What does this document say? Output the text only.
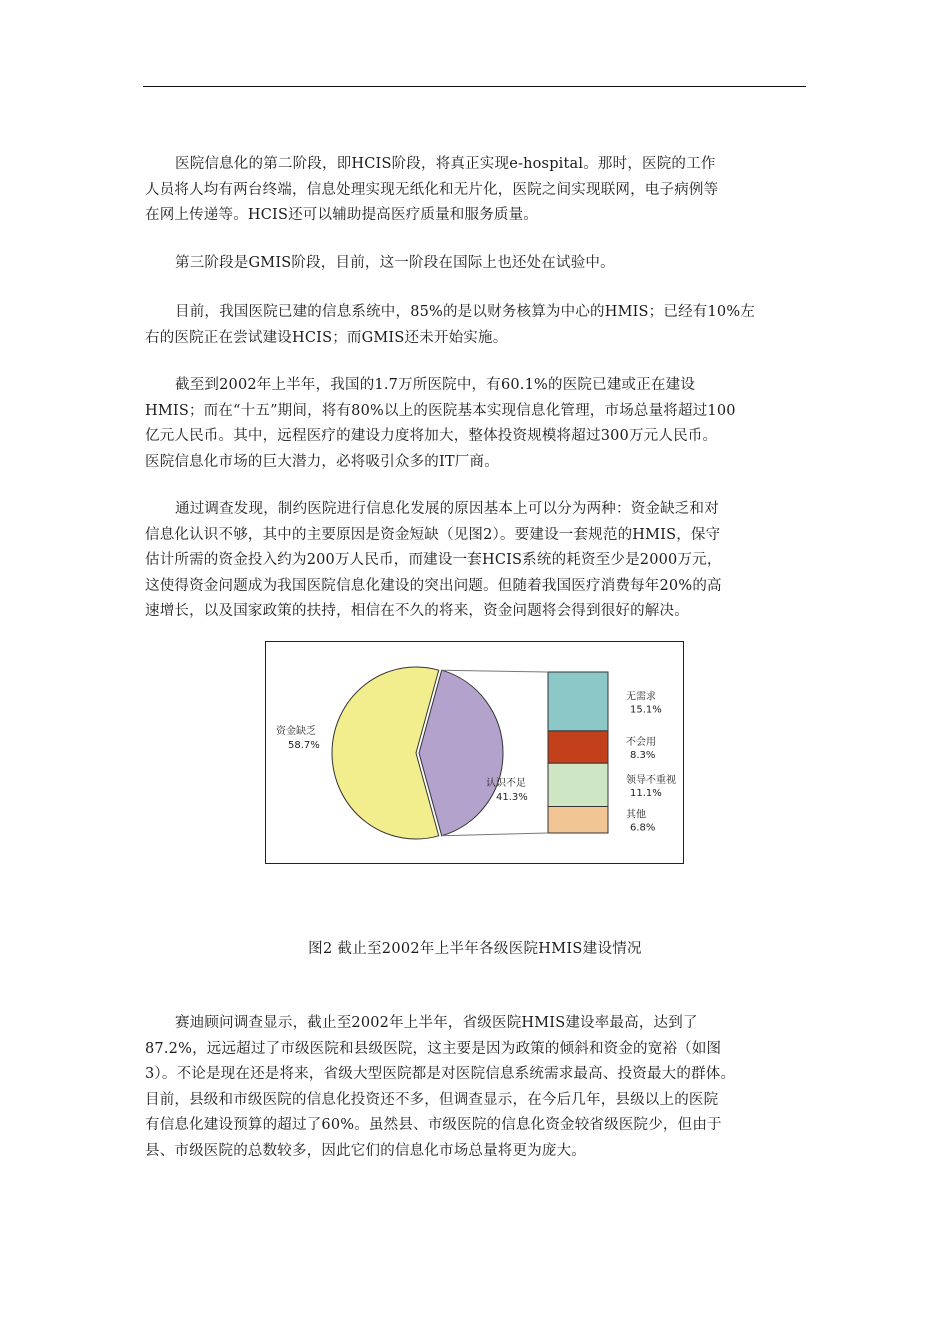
医院信息化的第二阶段，即HCIS阶段，将真正实现e-hospital。那时，医院的工作
人员将人均有两台终端，信息处理实现无纸化和无片化，医院之间实现联网，电子病例等
在网上传递等。HCIS还可以辅助提高医疗质量和服务质量。
第三阶段是GMIS阶段，目前，这一阶段在国际上也还处在试验中。
目前，我国医院已建的信息系统中，85%的是以财务核算为中心的HMIS；已经有10%左
右的医院正在尝试建设HCIS；而GMIS还未开始实施。
截至到2002年上半年，我国的1.7万所医院中，有60.1%的医院已建或正在建设
HMIS；而在“十五”期间，将有80%以上的医院基本实现信息化管理，市场总量将超过100
亿元人民币。其中，远程医疗的建设力度将加大，整体投资规模将超过300万元人民币。
医院信息化市场的巨大潜力，必将吸引众多的IT厂商。
通过调查发现，制约医院进行信息化发展的原因基本上可以分为两种：资金缺乏和对
信息化认识不够，其中的主要原因是资金短缺（见图2）。要建设一套规范的HMIS，保守
估计所需的资金投入约为200万人民币，而建设一套HCIS系统的耗资至少是2000万元，
这使得资金问题成为我国医院信息化建设的突出问题。但随着我国医疗消费每年20%的高
速增长，以及国家政策的扶持，相信在不久的将来，资金问题将会得到很好的解决。
资金缺乏
58.7%
认识不足
41.3%
无需求
15.1%
不会用
8.3%
领导不重视
11.1%
其他
6.8%
图2 截止至2002年上半年各级医院HMIS建设情况
赛迪顾问调查显示，截止至2002年上半年，省级医院HMIS建设率最高，达到了
87.2%，远远超过了市级医院和县级医院，这主要是因为政策的倾斜和资金的宽裕（如图
3）。不论是现在还是将来，省级大型医院都是对医院信息系统需求最高、投资最大的群体。
目前，县级和市级医院的信息化投资还不多，但调查显示，在今后几年，县级以上的医院
有信息化建设预算的超过了60%。虽然县、市级医院的信息化资金较省级医院少，但由于
县、市级医院的总数较多，因此它们的信息化市场总量将更为庞大。
